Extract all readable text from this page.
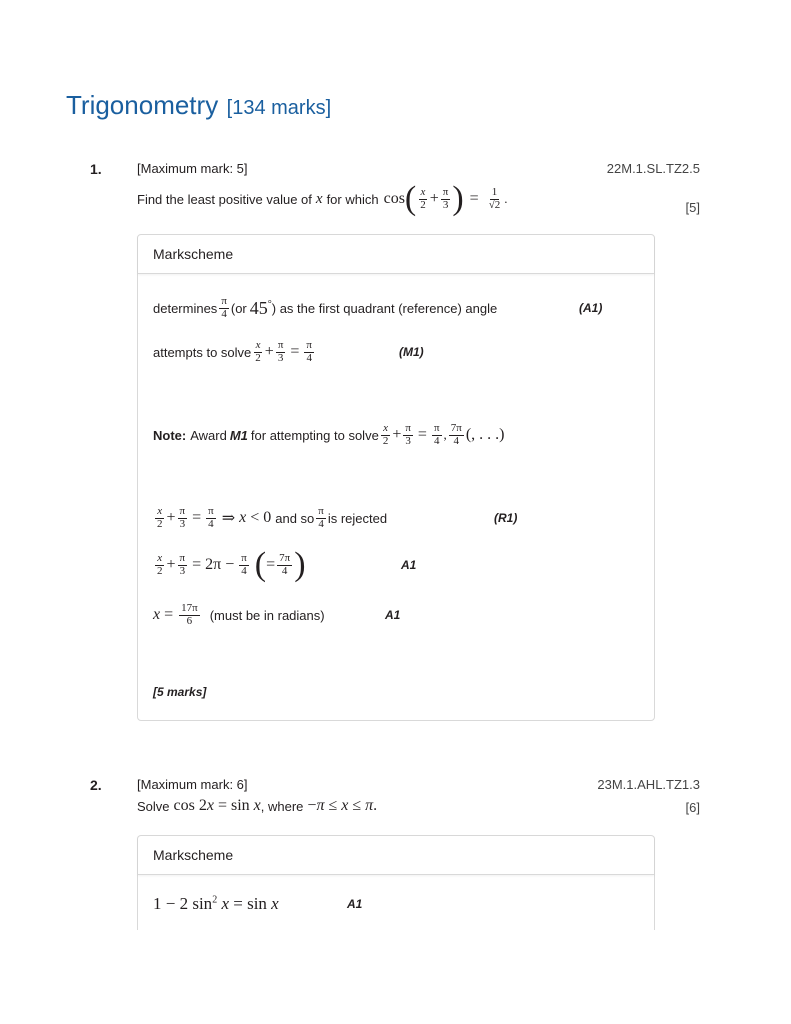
Trigonometry [134 marks]
1.	[Maximum mark: 5]	22M.1.SL.TZ2.5
Find the least positive value of x for which cos ( $\frac{x}{2} + \frac{\pi}{3}$ ) = $\frac{1}{√2}$ .
[5]
Markscheme
determines $\frac{\pi}{4} (or$ 45° ) as the first quadrant (reference) angle	(A1)
attempts to solve $\frac{x}{2} + \frac{\pi}{3} = \frac{\pi}{4}$	(M1)
Note: Award M1 for attempting to solve $\frac{x}{2} + \frac{\pi}{3} = \frac{\pi}{4}$ , $\frac{7\pi}{4}$ (, . . .)
$\frac{x}{2} + \frac{\pi}{3} = \frac{\pi}{4}$ ⇒ x < 0 and so $\frac{\pi}{4}$ is rejected	(R1)
$\frac{x}{2} + \frac{\pi}{3} = 2\pi - \frac{\pi}{4}$ ( = $\frac{7\pi}{4}$ )	A1
$x = \frac{17\pi}{6}$ (must be in radians)	A1
[5 marks]
2.	[Maximum mark: 6]	23M.1.AHL.TZ1.3
Solve cos 2x = sin x , where −π ≤ x ≤ π.	[6]
Markscheme
1 − 2 $\sin^2 x = \sin x$	A1
